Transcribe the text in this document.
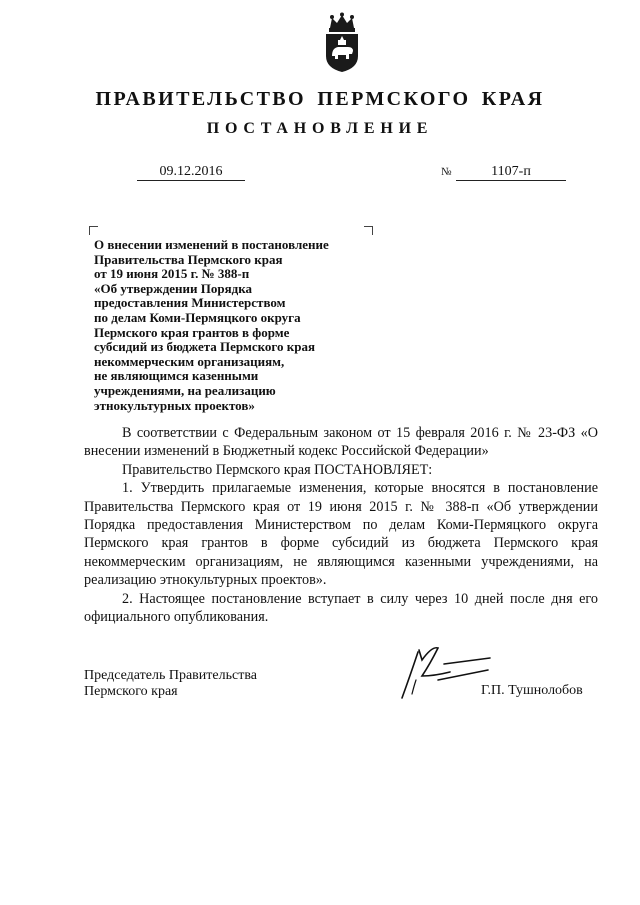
ПРАВИТЕЛЬСТВО ПЕРМСКОГО КРАЯ
ПОСТАНОВЛЕНИЕ
09.12.2016	№	1107-п
О внесении изменений в постановление
Правительства Пермского края
от 19 июня 2015 г. № 388-п
«Об утверждении Порядка
предоставления Министерством
по делам Коми-Пермяцкого округа
Пермского края грантов в форме
субсидий из бюджета Пермского края
некоммерческим организациям,
не являющимся казенными
учреждениями, на реализацию
этнокультурных проектов»

В соответствии с Федеральным законом от 15 февраля 2016 г. № 23-ФЗ «О внесении изменений в Бюджетный кодекс Российской Федерации»

Правительство Пермского края ПОСТАНОВЛЯЕТ:

1. Утвердить прилагаемые изменения, которые вносятся в постановление Правительства Пермского края от 19 июня 2015 г. № 388-п «Об утверждении Порядка предоставления Министерством по делам Коми-Пермяцкого округа Пермского края грантов в форме субсидий из бюджета Пермского края некоммерческим организациям, не являющимся казенными учреждениями, на реализацию этнокультурных проектов».

2. Настоящее постановление вступает в силу через 10 дней после дня его официального опубликования.

Председатель Правительства
Пермского края	Г.П. Тушнолобов
